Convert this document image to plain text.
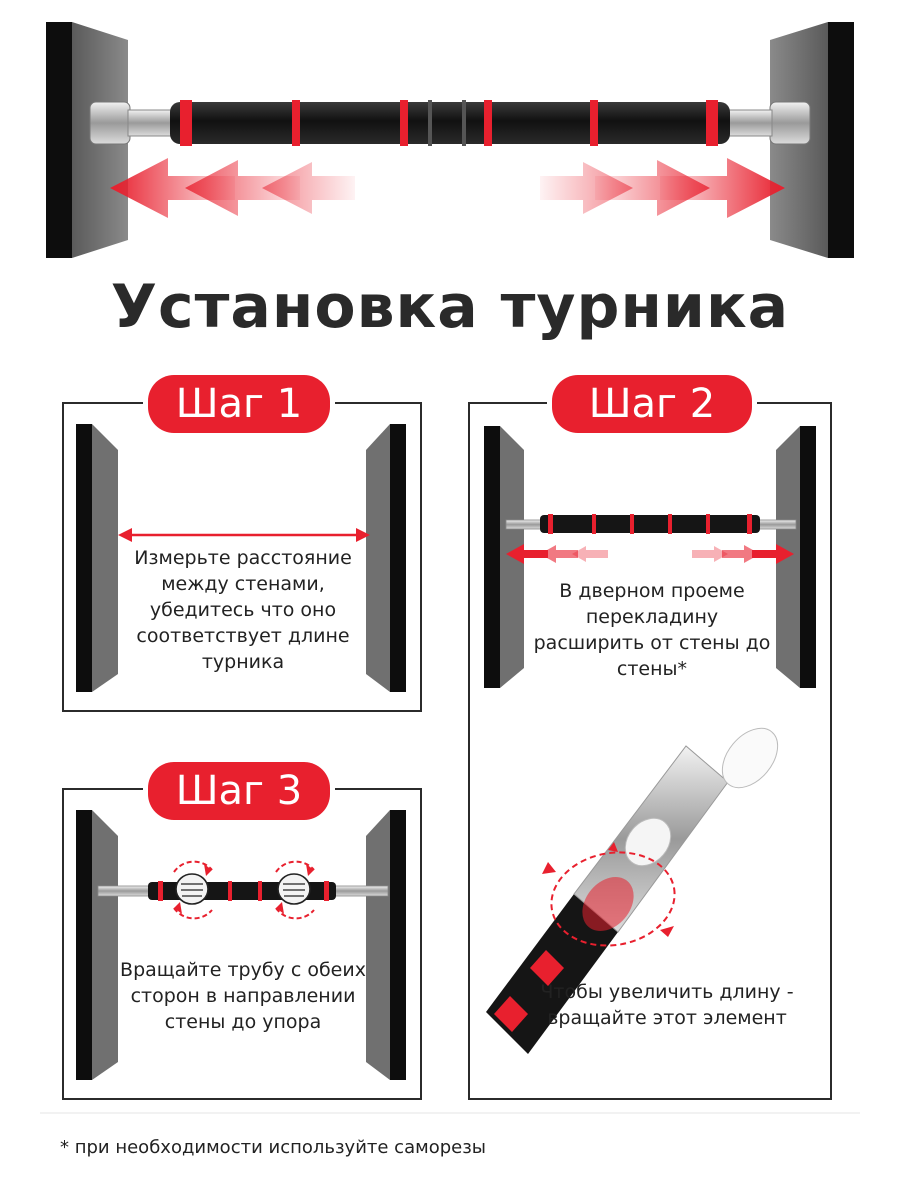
Установка турника
Шаг 1
Измерьте расстояние между стенами, убедитесь что оно соответствует длине турника
Шаг 3
Вращайте трубу с обеих сторон в направлении стены до упора
Шаг 2
В дверном проеме перекладину расширить от стены до стены*
Чтобы увеличить длину - вращайте этот элемент
* при необходимости используйте саморезы
